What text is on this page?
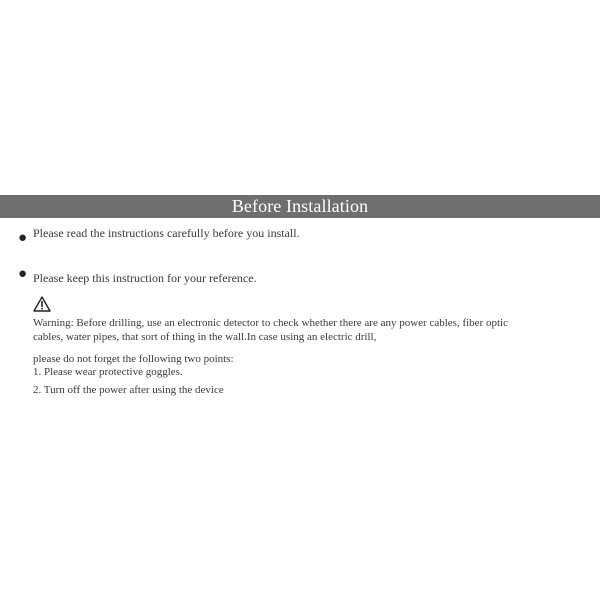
Before Installation
● Please read the instructions carefully before you install.
● Please keep this instruction for your reference.
Warning: Before drilling, use an electronic detector to check whether there are any power cables, fiber optic
cables, water pipes, that sort of thing in the wall.In case using an electric drill,
please do not forget the following two points:
1. Please wear protective goggles.
2. Turn off the power after using the device
